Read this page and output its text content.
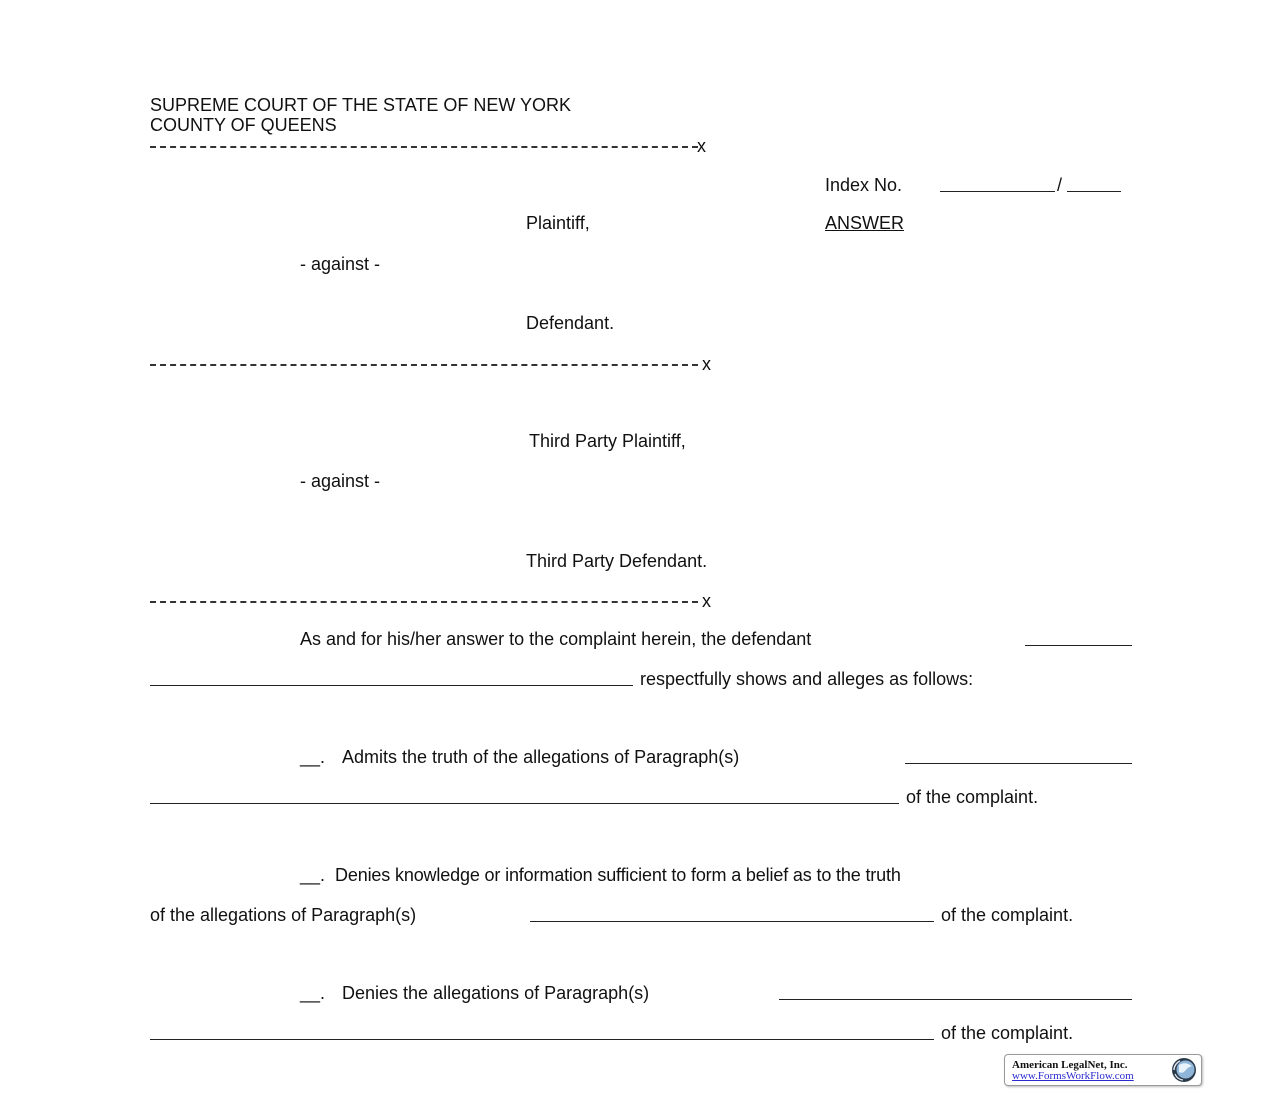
SUPREME COURT OF THE STATE OF NEW YORK
COUNTY OF QUEENS
x
Index No.	/
ANSWER
Plaintiff,
- against -
Defendant.
x
Third Party Plaintiff,
- against -
Third Party Defendant.
x
As and for his/her answer to the complaint herein, the defendant
respectfully shows and alleges as follows:
__. Admits the truth of the allegations of Paragraph(s)
of the complaint.
__. Denies knowledge or information sufficient to form a belief as to the truth
of the allegations of Paragraph(s)	of the complaint.
__. Denies the allegations of Paragraph(s)
of the complaint.
American LegalNet, Inc.
www.FormsWorkFlow.com
